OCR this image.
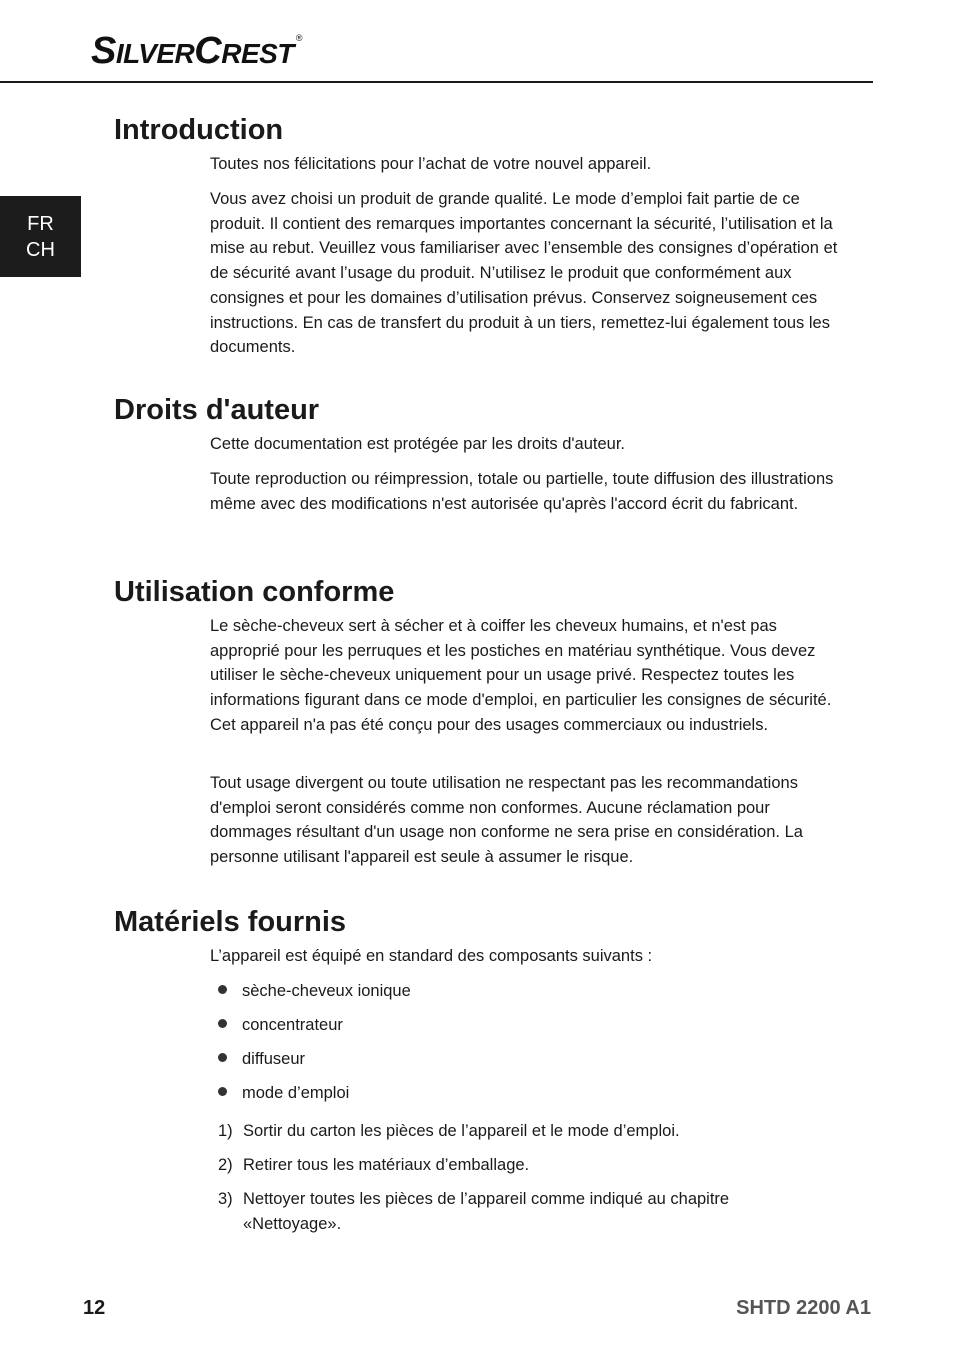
SILVERCREST ®
FR
CH
Introduction

Toutes nos félicitations pour l’achat de votre nouvel appareil.

Vous avez choisi un produit de grande qualité. Le mode d’emploi fait partie de ce produit. Il contient des remarques importantes concernant la sécurité, l’utilisation et la mise au rebut. Veuillez vous familiariser avec l’ensemble des consignes d’opération et de sécurité avant l’usage du produit. N’utilisez le produit que conformément aux consignes et pour les domaines d’utilisation prévus. Conservez soigneusement ces instructions. En cas de transfert du produit à un tiers, remettez-lui également tous les documents.

Droits d'auteur

Cette documentation est protégée par les droits d'auteur.

Toute reproduction ou réimpression, totale ou partielle, toute diffusion des illustrations même avec des modifications n'est autorisée qu'après l'accord écrit du fabricant.

Utilisation conforme

Le sèche-cheveux sert à sécher et à coiffer les cheveux humains, et n'est pas approprié pour les perruques et les postiches en matériau synthétique. Vous devez utiliser le sèche-cheveux uniquement pour un usage privé. Respectez toutes les informations figurant dans ce mode d'emploi, en particulier les consignes de sécurité. Cet appareil n'a pas été conçu pour des usages commerciaux ou industriels.

Tout usage divergent ou toute utilisation ne respectant pas les recommandations d'emploi seront considérés comme non conformes. Aucune réclamation pour dommages résultant d'un usage non conforme ne sera prise en considération. La personne utilisant l'appareil est seule à assumer le risque.

Matériels fournis

L’appareil est équipé en standard des composants suivants :

sèche-cheveux ionique
concentrateur
diffuseur
mode d’emploi
1) Sortir du carton les pièces de l’appareil et le mode d’emploi.
2) Retirer tous les matériaux d’emballage.
3) Nettoyer toutes les pièces de l’appareil comme indiqué au chapitre «Nettoyage».
12	SHTD 2200 A1
